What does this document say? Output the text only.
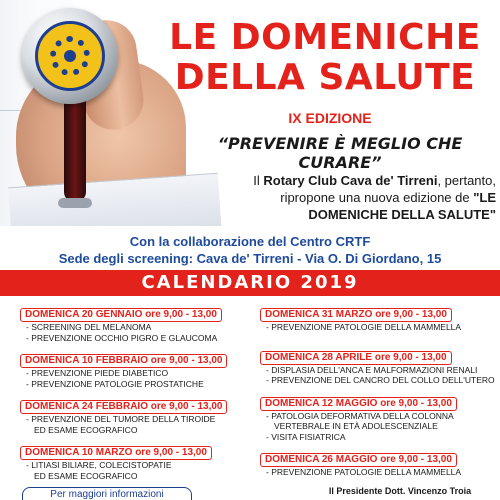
LE DOMENICHE
DELLA SALUTE
IX EDIZIONE
“PREVENIRE È MEGLIO CHE CURARE”
Il Rotary Club Cava de' Tirreni, pertanto, ripropone una nuova edizione de "LE DOMENICHE DELLA SALUTE"
Con la collaborazione del Centro CRTF
Sede degli screening: Cava de' Tirreni - Via O. Di Giordano, 15
CALENDARIO 2019
DOMENICA 20 GENNAIO ore 9,00 - 13,00
- SCREENING DEL MELANOMA
- PREVENZIONE OCCHIO PIGRO E GLAUCOMA
DOMENICA 10 FEBBRAIO ore 9,00 - 13,00
- PREVENZIONE PIEDE DIABETICO
- PREVENZIONE PATOLOGIE PROSTATICHE
DOMENICA 24 FEBBRAIO ore 9,00 - 13,00
- PREVENZIONE DEL TUMORE DELLA TIROIDE
ED ESAME ECOGRAFICO
DOMENICA 10 MARZO ore 9,00 - 13,00
- LITIASI BILIARE, COLECISTOPATIE
ED ESAME ECOGRAFICO
DOMENICA 31 MARZO ore 9,00 - 13,00
- PREVENZIONE PATOLOGIE DELLA MAMMELLA
DOMENICA 28 APRILE ore 9,00 - 13,00
- DISPLASIA DELL'ANCA E MALFORMAZIONI RENALI
- PREVENZIONE DEL CANCRO DEL COLLO DELL'UTERO
DOMENICA 12 MAGGIO ore 9,00 - 13,00
- PATOLOGIA DEFORMATIVA DELLA COLONNA
VERTEBRALE IN ETÀ ADOLESCENZIALE
- VISITA FISIATRICA
DOMENICA 26 MAGGIO ore 9,00 - 13,00
- PREVENZIONE PATOLOGIE DELLA MAMMELLA
Per maggiori informazioni	Il Presidente Dott. Vincenzo Troia
